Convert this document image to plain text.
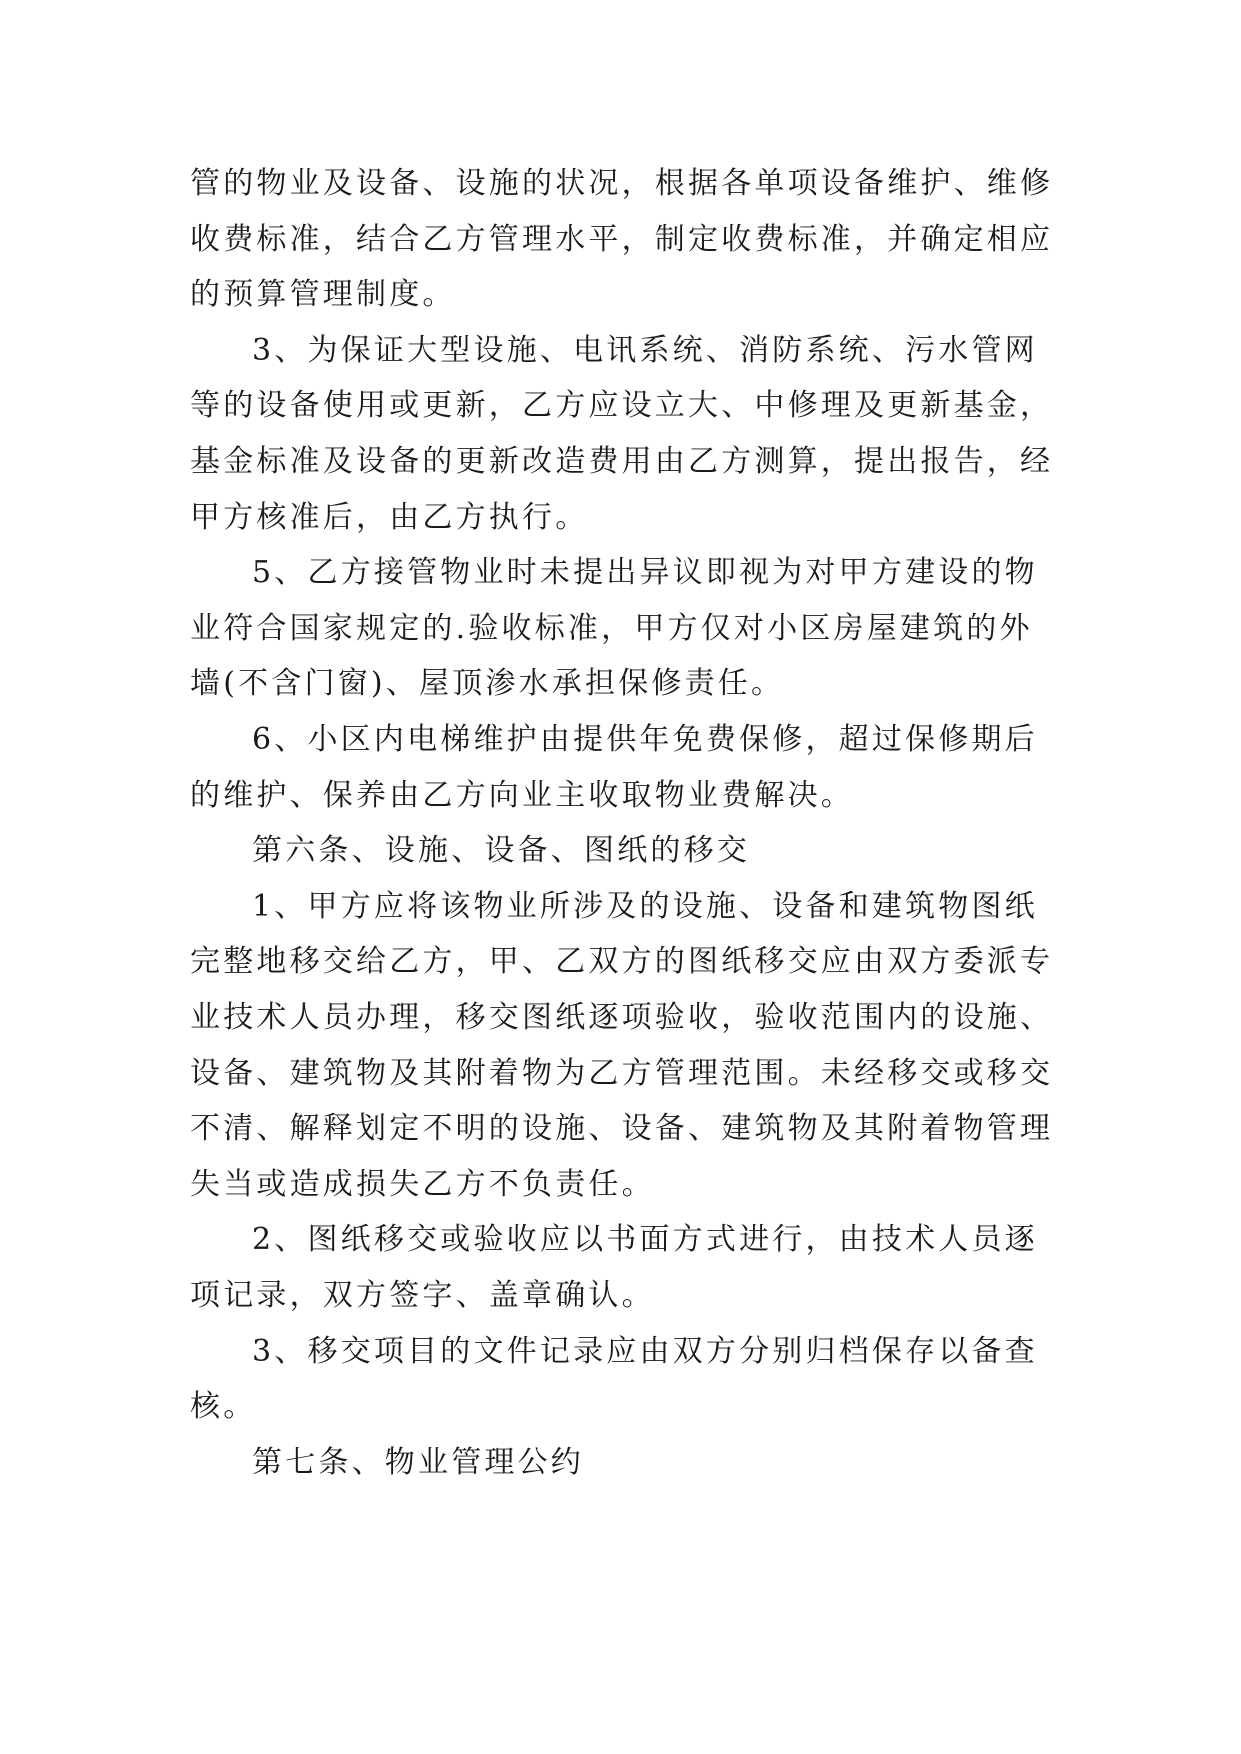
管的物业及设备、设施的状况，根据各单项设备维护、维修
收费标准，结合乙方管理水平，制定收费标准，并确定相应
的预算管理制度。
3、为保证大型设施、电讯系统、消防系统、污水管网
等的设备使用或更新，乙方应设立大、中修理及更新基金，
基金标准及设备的更新改造费用由乙方测算，提出报告，经
甲方核准后，由乙方执行。
5、乙方接管物业时未提出异议即视为对甲方建设的物
业符合国家规定的.验收标准，甲方仅对小区房屋建筑的外
墙(不含门窗)、屋顶渗水承担保修责任。
6、小区内电梯维护由提供年免费保修，超过保修期后
的维护、保养由乙方向业主收取物业费解决。
第六条、设施、设备、图纸的移交
1、甲方应将该物业所涉及的设施、设备和建筑物图纸
完整地移交给乙方，甲、乙双方的图纸移交应由双方委派专
业技术人员办理，移交图纸逐项验收，验收范围内的设施、
设备、建筑物及其附着物为乙方管理范围。未经移交或移交
不清、解释划定不明的设施、设备、建筑物及其附着物管理
失当或造成损失乙方不负责任。
2、图纸移交或验收应以书面方式进行，由技术人员逐
项记录，双方签字、盖章确认。
3、移交项目的文件记录应由双方分别归档保存以备查
核。
第七条、物业管理公约
